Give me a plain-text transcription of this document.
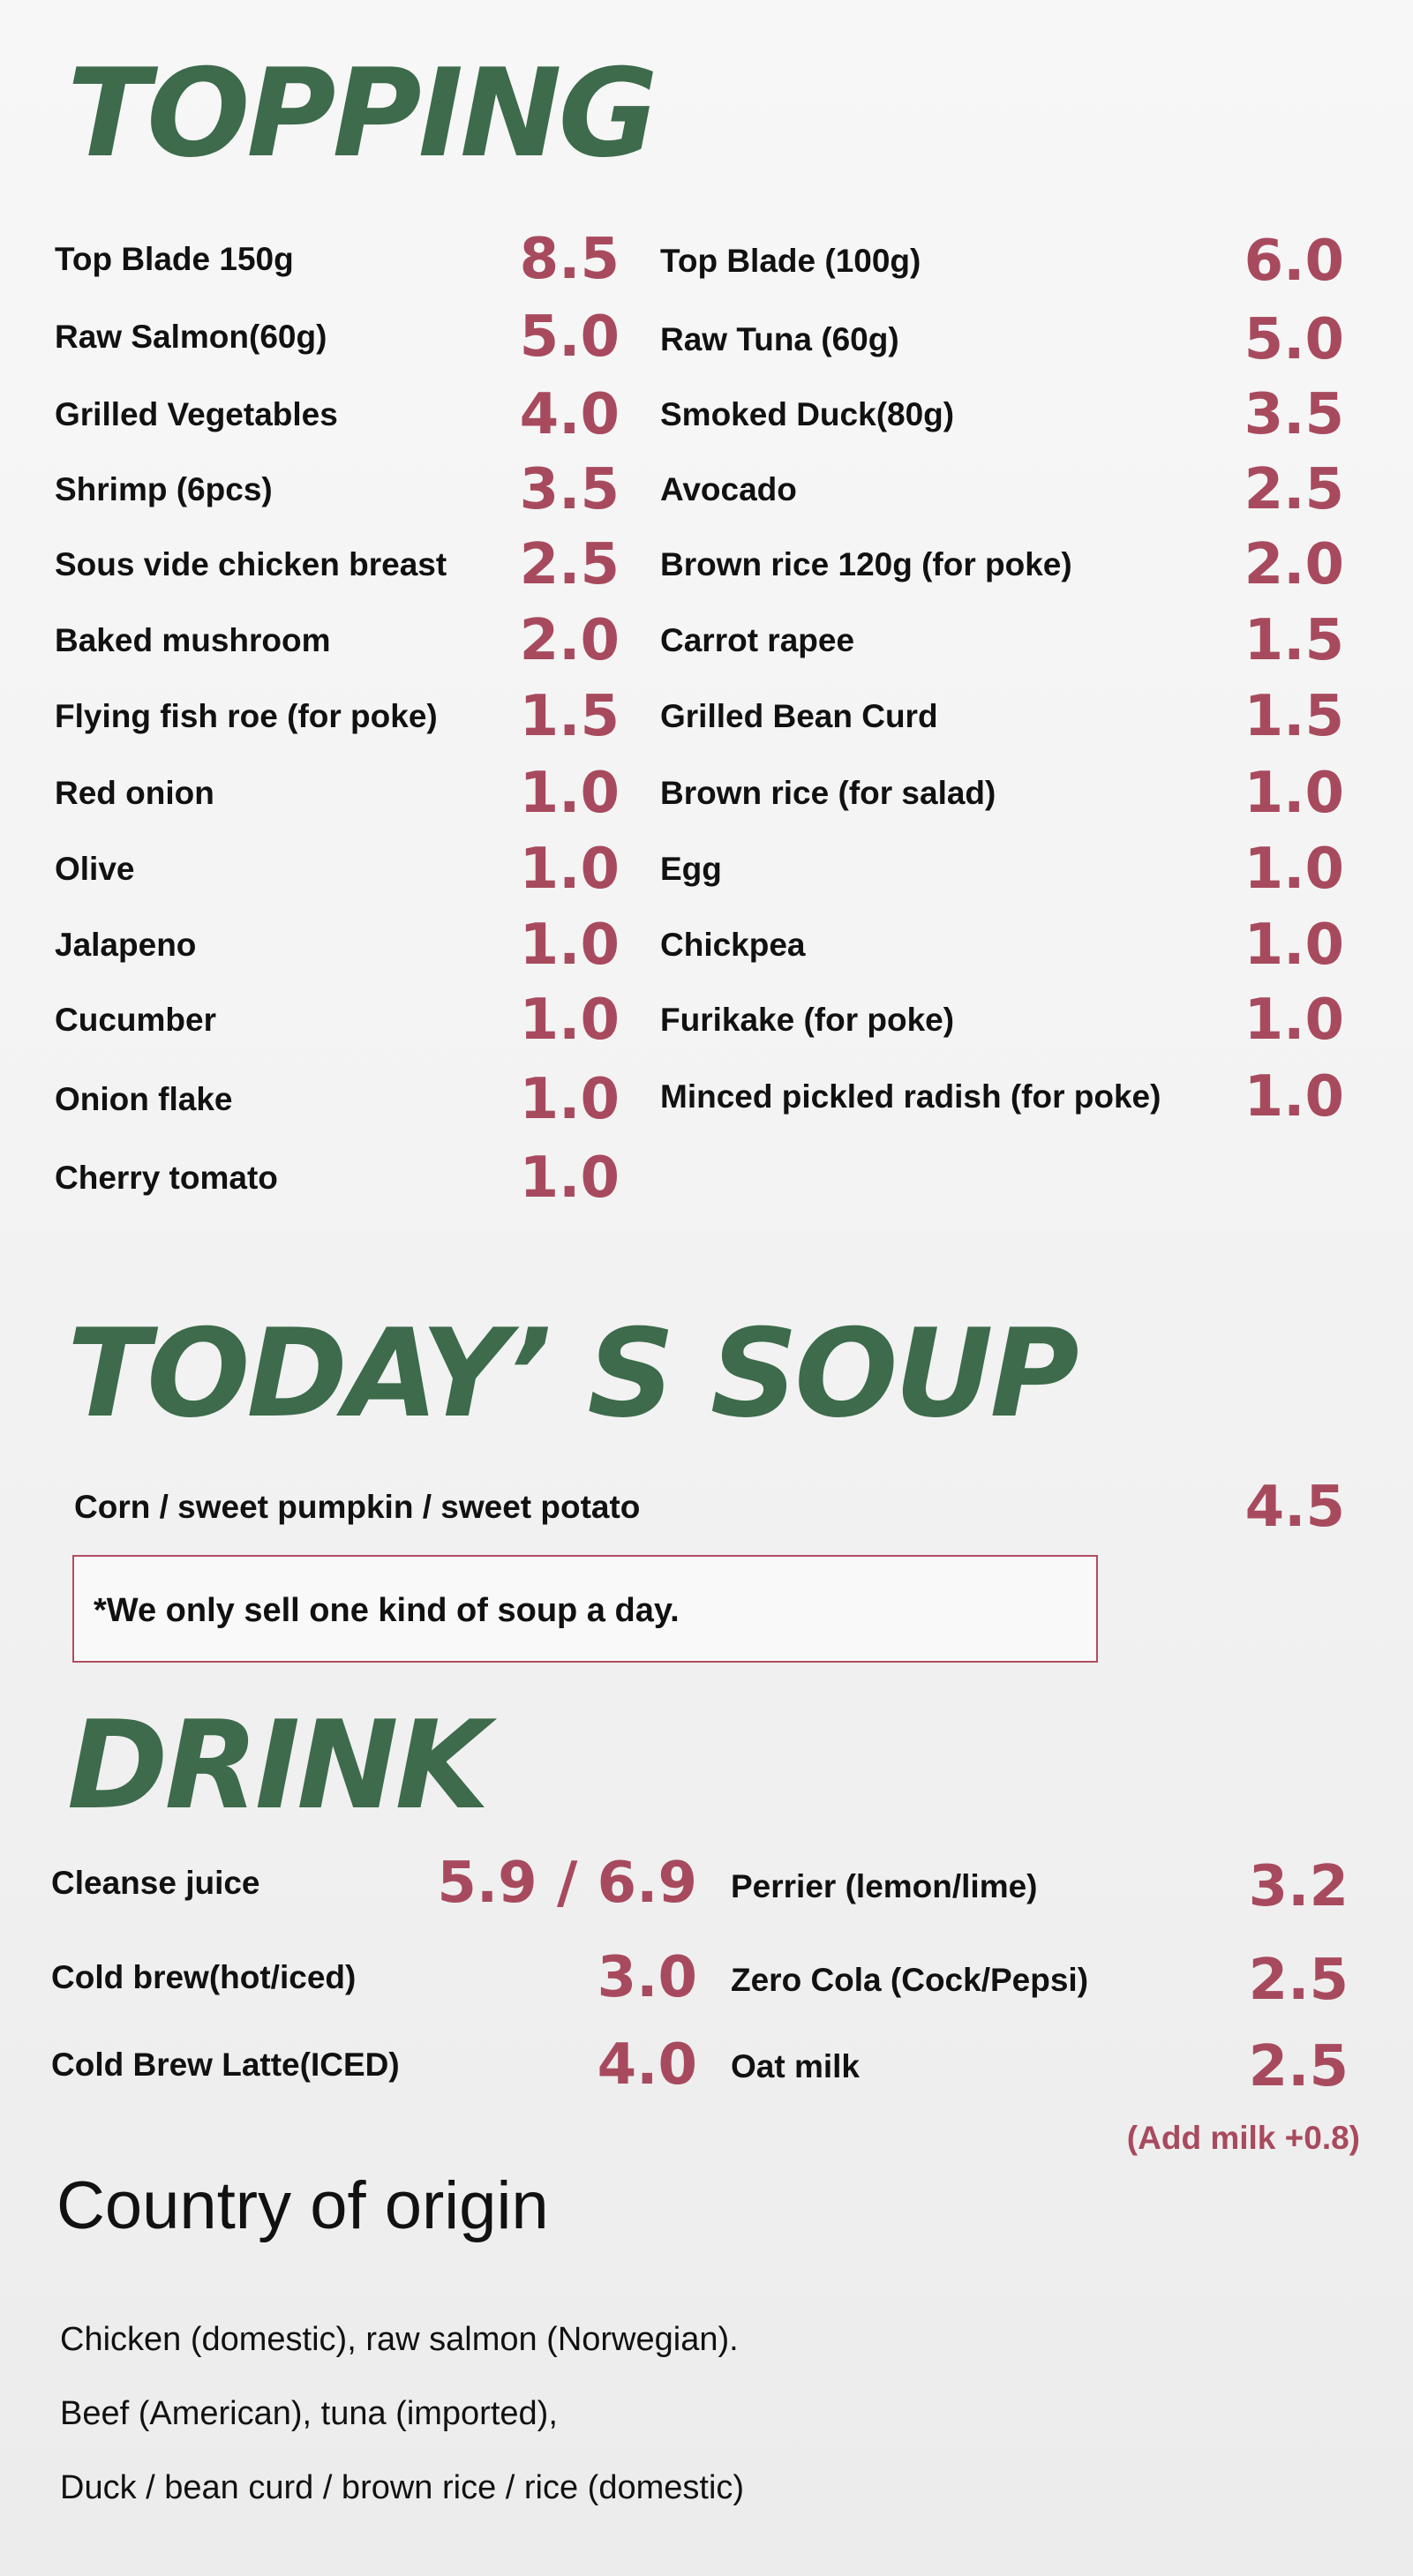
TOPPING
Top Blade 150g	8.5
Raw Salmon(60g)	5.0
Grilled Vegetables	4.0
Shrimp (6pcs)	3.5
Sous vide chicken breast 2.5
Baked mushroom	2.0
Flying fish roe (for poke) 1.5
Red onion	1.0
Olive	1.0
Jalapeno	1.0
Cucumber	1.0
Onion flake	1.0
Cherry tomato	1.0
Top Blade (100g)	6.0
Raw Tuna (60g)	5.0
Smoked Duck(80g)	3.5
Avocado	2.5
Brown rice 120g (for poke)	2.0
Carrot rapee	1.5
Grilled Bean Curd	1.5
Brown rice (for salad)	1.0
Egg	1.0
Chickpea	1.0
Furikake (for poke)	1.0
Minced pickled radish (for poke) 1.0
TODAY’ S SOUP
Corn / sweet pumpkin / sweet potato	4.5
*We only sell one kind of soup a day.
DRINK
Cleanse juice	5.9 / 6.9
Cold brew(hot/iced)	3.0
Cold Brew Latte(ICED)	4.0
Perrier (lemon/lime)	3.2
Zero Cola (Cock/Pepsi)	2.5
Oat milk	2.5
(Add milk +0.8)
Country of origin
Chicken (domestic), raw salmon (Norwegian).
Beef (American), tuna (imported),
Duck / bean curd / brown rice / rice (domestic)
